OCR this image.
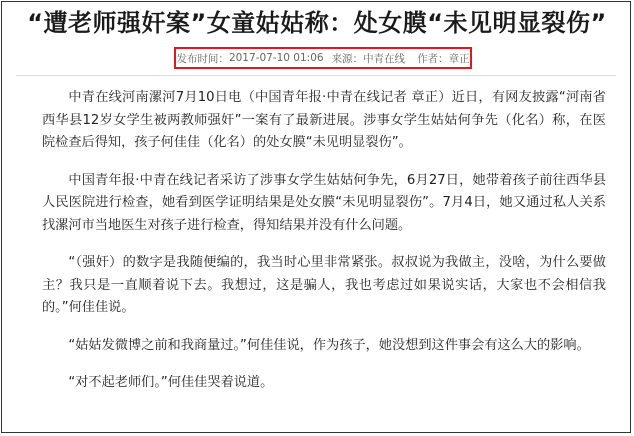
“遭老师强奸案”女童姑姑称：处女膜“未见明显裂伤”
发布时间： 2017-07-10 01:06 来源： 中青在线 作者： 章正

中青在线河南漯河7月10日电（中国青年报·中青在线记者 章正）近日，有网友披露“河南省西华县12岁女学生被两教师强奸”一案有了最新进展。涉事女学生姑姑何争先（化名）称，在医院检查后得知，孩子何佳佳（化名）的处女膜“未见明显裂伤”。

中国青年报·中青在线记者采访了涉事女学生姑姑何争先，6月27日，她带着孩子前往西华县人民医院进行检查，她看到医学证明结果是处女膜“未见明显裂伤”。7月4日，她又通过私人关系找漯河市当地医生对孩子进行检查，得知结果并没有什么问题。

“（强奸）的数字是我随便编的，我当时心里非常紧张。叔叔说为我做主，没啥，为什么要做主？我只是一直顺着说下去。我想过，这是骗人，我也考虑过如果说实话，大家也不会相信我的。”何佳佳说。

“姑姑发微博之前和我商量过。”何佳佳说，作为孩子，她没想到这件事会有这么大的影响。

“对不起老师们。”何佳佳哭着说道。
